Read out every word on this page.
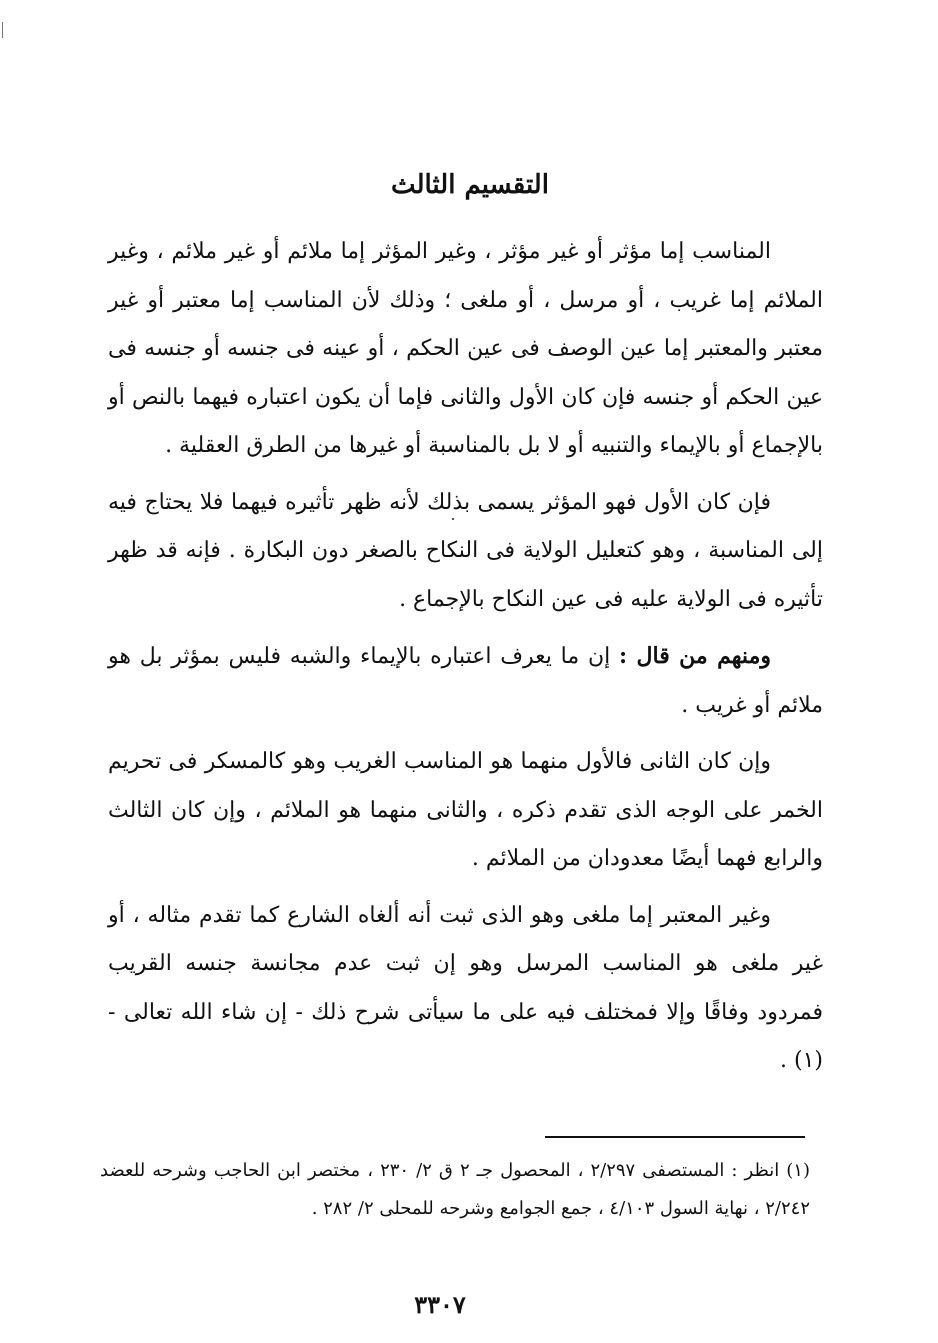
التقسيم الثالث

المناسب إما مؤثر أو غير مؤثر ، وغير المؤثر إما ملائم أو غير ملائم ، وغير الملائم إما غريب ، أو مرسل ، أو ملغى ؛ وذلك لأن المناسب إما معتبر أو غير معتبر والمعتبر إما عين الوصف فى عين الحكم ، أو عينه فى جنسه أو جنسه فى عين الحكم أو جنسه فإن كان الأول والثانى فإما أن يكون اعتباره فيهما بالنص أو بالإجماع أو بالإيماء والتنبيه أو لا بل بالمناسبة أو غيرها من الطرق العقلية .

فإن كان الأول فهو المؤثر يسمى بذلك لأنه ظهر تأثيره فيهما فلا يحتاج فيه إلى المناسبة ، وهو كتعليل الولاية فى النكاح بالصغر دون البكارة . فإنه قد ظهر تأثيره فى الولاية عليه فى عين النكاح بالإجماع .

ومنهم من قال : إن ما يعرف اعتباره بالإيماء والشبه فليس بمؤثر بل هو ملائم أو غريب .

وإن كان الثانى فالأول منهما هو المناسب الغريب وهو كالمسكر فى تحريم الخمر على الوجه الذى تقدم ذكره ، والثانى منهما هو الملائم ، وإن كان الثالث والرابع فهما أيضًا معدودان من الملائم .

وغير المعتبر إما ملغى وهو الذى ثبت أنه ألغاه الشارع كما تقدم مثاله ، أو غير ملغى هو المناسب المرسل وهو إن ثبت عدم مجانسة جنسه القريب فمردود وفاقًا وإلا فمختلف فيه على ما سيأتى شرح ذلك - إن شاء الله تعالى - (١) .

(١) انظر : المستصفى ٢/٢٩٧ ، المحصول جـ ٢ ق ٢/ ٢٣٠ ، مختصر ابن الحاجب وشرحه للعضد ٢/٢٤٢ ، نهاية السول ٤/١٠٣ ، جمع الجوامع وشرحه للمحلى ٢/ ٢٨٢ .
٣٣٠٧
